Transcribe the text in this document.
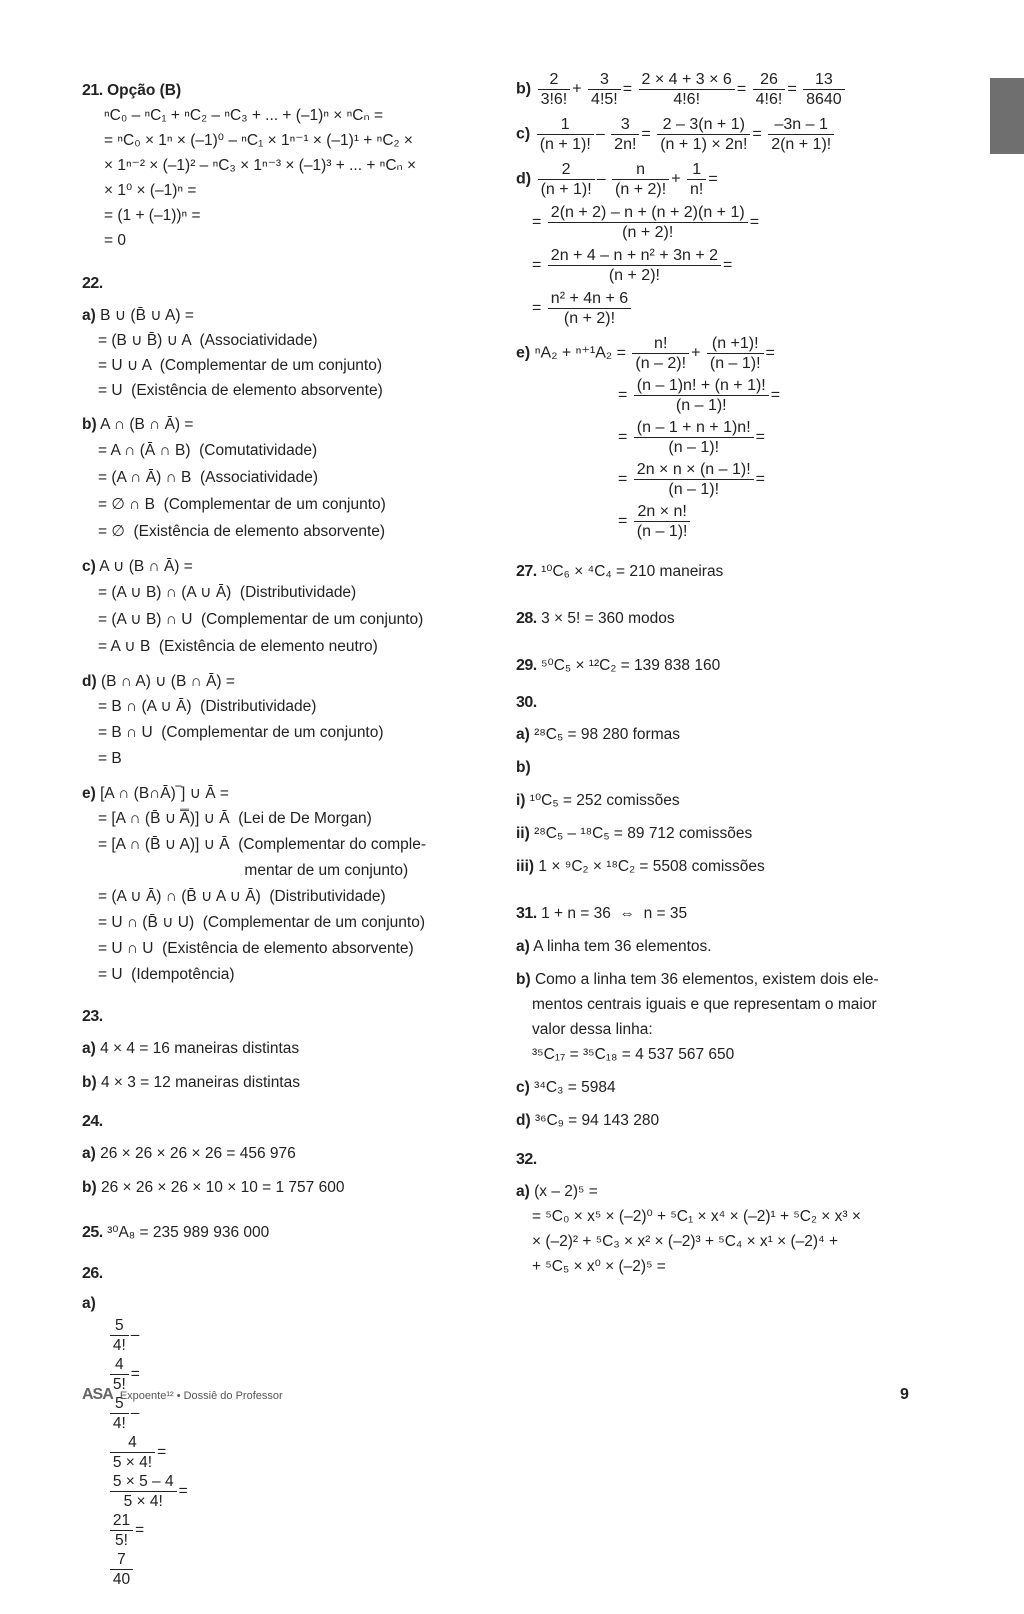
21. Opção (B)
ⁿC₀ – ⁿC₁ + ⁿC₂ – ⁿC₃ + ... + (–1)ⁿ × ⁿCₙ =
= ⁿC₀ × 1ⁿ × (–1)⁰ – ⁿC₁ × 1ⁿ⁻¹ × (–1)¹ + ⁿC₂ ×
× 1ⁿ⁻² × (–1)² – ⁿC₃ × 1ⁿ⁻³ × (–1)³ + ... + ⁿCₙ ×
× 1⁰ × (–1)ⁿ =
= (1 + (–1))ⁿ =
= 0
22.
a) B ∪ (B̄ ∪ A) =
= (B ∪ B̄) ∪ A  (Associatividade)
= U ∪ A  (Complementar de um conjunto)
= U  (Existência de elemento absorvente)
b) A ∩ (B ∩ Ā) =
= A ∩ (Ā ∩ B)  (Comutatividade)
= (A ∩ Ā) ∩ B  (Associatividade)
= ∅ ∩ B  (Complementar de um conjunto)
= ∅  (Existência de elemento absorvente)
c) A ∪ (B ∩ Ā) =
= (A ∪ B) ∩ (A ∪ Ā)  (Distributividade)
= (A ∪ B) ∩ U  (Complementar de um conjunto)
= A ∪ B  (Existência de elemento neutro)
d) (B ∩ A) ∪ (B ∩ Ā) =
= B ∩ (A ∪ Ā)  (Distributividade)
= B ∩ U  (Complementar de um conjunto)
= B
e) [A ∩ (B∩Ā)‾] ∪ Ā =
= [A ∩ (B̄ ∪ A̿)] ∪ Ā  (Lei de De Morgan)
= [A ∩ (B̄ ∪ A)] ∪ Ā  (Complementar do comple-
mentar de um conjunto)
= (A ∪ Ā) ∩ (B̄ ∪ A ∪ Ā)  (Distributividade)
= U ∩ (B̄ ∪ U)  (Complementar de um conjunto)
= U ∩ U  (Existência de elemento absorvente)
= U  (Idempotência)
23.
a) 4 × 4 = 16 maneiras distintas
b) 4 × 3 = 12 maneiras distintas
24.
a) 26 × 26 × 26 × 26 = 456 976
b) 26 × 26 × 26 × 10 × 10 = 1 757 600
25. ³⁰A₈ = 235 989 936 000
26.
a)

$\frac{5}{4!}$ –

$\frac{4}{5!}$ =

$\frac{5}{4!}$ –

$\frac{4}{5 \times 4!}$ =

$\frac{5 \times 5 - 4}{5 \times 4!}$ =

$\frac{21}{5!}$ =

$\frac{7}{40}$

$b) \frac{2}{3!6!} + \frac{3}{4!5!} = \frac{2 \times 4 + 3 \times 6}{4!6!} = \frac{26}{4!6!} = \frac{13}{8640}$
$c) \frac{1}{(n + 1)!} - \frac{3}{2n!} = \frac{2 - 3(n + 1)}{(n + 1) \times 2n!} = \frac{-3n - 1}{2(n + 1)!}$
$d) \frac{2}{(n + 1)!} - \frac{n}{(n + 2)!} + \frac{1}{n!}$ =
= $\frac{2(n + 2) - n + (n + 2)(n + 1)}{(n + 2)!}$ =
= $\frac{\text{2n + 4 – n + n² + 3n + 2}}{(n + 2)!}$ =
= $\frac{\text{n² + 4n + 6}}{(n + 2)!}$
e) $^nA_2 + ^{n+1}A_2 = \frac{n!}{(n - 2)!} + \frac{(n +1)!}{(n - 1)!}$ =
= $\frac{(n - 1)n! + (n + 1)!}{(n - 1)!}$ =
= $\frac{(n - 1 + n + 1)n!}{(n - 1)!}$ =
= $\frac{2n \times n \times (n - 1)!}{(n - 1)!}$ =
= $\frac{2n \times n!}{(n - 1)!}$
27. ¹⁰C₆ × ⁴C₄ = 210 maneiras
28. 3 × 5! = 360 modos
29. ⁵⁰C₅ × ¹²C₂ = 139 838 160
30.
a) ²⁸C₅ = 98 280 formas
b)
i) ¹⁰C₅ = 252 comissões
ii) ²⁸C₅ – ¹⁸C₅ = 89 712 comissões
iii) 1 × ⁹C₂ × ¹⁸C₂ = 5508 comissões
31. 1 + n = 36  ⇔  n = 35
a) A linha tem 36 elementos.
b) Como a linha tem 36 elementos, existem dois ele-
mentos centrais iguais e que representam o maior
valor dessa linha:
³⁵C₁₇ = ³⁵C₁₈ = 4 537 567 650
c) ³⁴C₃ = 5984
d) ³⁶C₉ = 94 143 280
32.
a) (x – 2)⁵ =
= ⁵C₀ × x⁵ × (–2)⁰ + ⁵C₁ × x⁴ × (–2)¹ + ⁵C₂ × x³ ×
× (–2)² + ⁵C₃ × x² × (–2)³ + ⁵C₄ × x¹ × (–2)⁴ +
+ ⁵C₅ × x⁰ × (–2)⁵ =
ASA Expoente¹² • Dossiê do Professor	9
